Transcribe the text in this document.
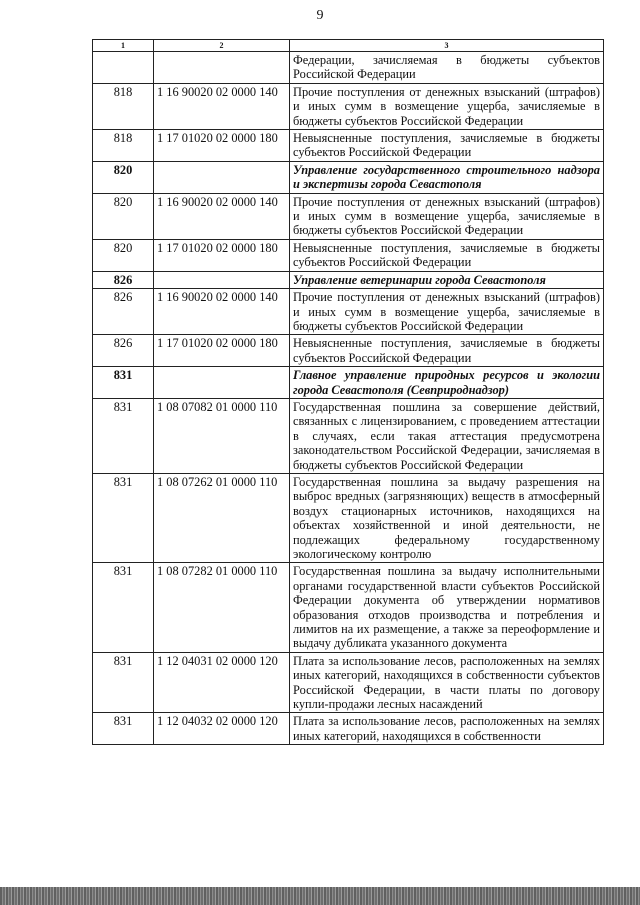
9
1	2	3
		Федерации, зачисляемая в бюджеты субъектов Российской Федерации
818	1 16 90020 02 0000 140	Прочие поступления от денежных взысканий (штрафов) и иных сумм в возмещение ущерба, зачисляемые в бюджеты субъектов Российской Федерации
818	1 17 01020 02 0000 180	Невыясненные поступления, зачисляемые в бюджеты субъектов Российской Федерации
820		Управление государственного строительного надзора и экспертизы города Севастополя
820	1 16 90020 02 0000 140	Прочие поступления от денежных взысканий (штрафов) и иных сумм в возмещение ущерба, зачисляемые в бюджеты субъектов Российской Федерации
820	1 17 01020 02 0000 180	Невыясненные поступления, зачисляемые в бюджеты субъектов Российской Федерации
826		Управление ветеринарии города Севастополя
826	1 16 90020 02 0000 140	Прочие поступления от денежных взысканий (штрафов) и иных сумм в возмещение ущерба, зачисляемые в бюджеты субъектов Российской Федерации
826	1 17 01020 02 0000 180	Невыясненные поступления, зачисляемые в бюджеты субъектов Российской Федерации
831		Главное управление природных ресурсов и экологии города Севастополя (Севприроднадзор)
831	1 08 07082 01 0000 110	Государственная пошлина за совершение действий, связанных с лицензированием, с проведением аттестации в случаях, если такая аттестация предусмотрена законодательством Российской Федерации, зачисляемая в бюджеты субъектов Российской Федерации
831	1 08 07262 01 0000 110	Государственная пошлина за выдачу разрешения на выброс вредных (загрязняющих) веществ в атмосферный воздух стационарных источников, находящихся на объектах хозяйственной и иной деятельности, не подлежащих федеральному государственному экологическому контролю
831	1 08 07282 01 0000 110	Государственная пошлина за выдачу исполнительными органами государственной власти субъектов Российской Федерации документа об утверждении нормативов образования отходов производства и потребления и лимитов на их размещение, а также за переоформление и выдачу дубликата указанного документа
831	1 12 04031 02 0000 120	Плата за использование лесов, расположенных на землях иных категорий, находящихся в собственности субъектов Российской Федерации, в части платы по договору купли-продажи лесных насаждений
831	1 12 04032 02 0000 120	Плата за использование лесов, расположенных на землях иных категорий, находящихся в собственности
